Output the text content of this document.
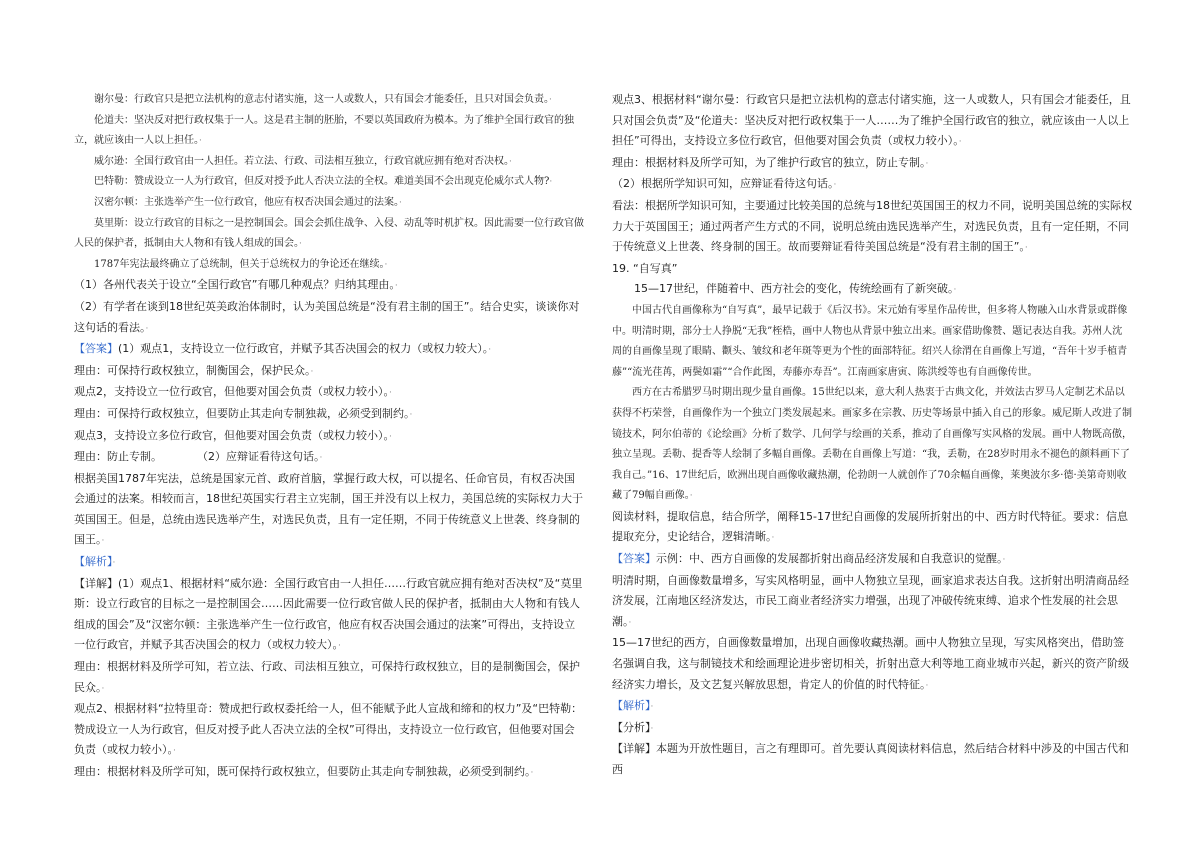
谢尔曼：行政官只是把立法机构的意志付诸实施，这一人或数人，只有国会才能委任，且只对国会负责。·

伦道夫：坚决反对把行政权集于一人。这是君主制的胚胎，不要以英国政府为模本。为了维护全国行政官的独立，就应该由一人以上担任。·

威尔逊：全国行政官由一人担任。若立法、行政、司法相互独立，行政官就应拥有绝对否决权。·

巴特勒：赞成设立一人为行政官，但反对授予此人否决立法的全权。难道美国不会出现克伦威尔式人物?·

汉密尔顿：主张选举产生一位行政官，他应有权否决国会通过的法案。·

莫里斯：设立行政官的目标之一是控制国会。国会会抓住战争、入侵、动乱等时机扩权。因此需要一位行政官做人民的保护者，抵制由大人物和有钱人组成的国会。·

1787年宪法最终确立了总统制，但关于总统权力的争论还在继续。·

（1）各州代表关于设立“全国行政官”有哪几种观点？归纳其理由。·

（2）有学者在谈到18世纪英美政治体制时，认为美国总统是“没有君主制的国王”。结合史实，谈谈你对这句话的看法。·

【答案】(1）观点1，支持设立一位行政官，并赋予其否决国会的权力（或权力较大）。·

理由：可保持行政权独立，制衡国会，保护民众。·

观点2，支持设立一位行政官，但他要对国会负责（或权力较小）。·

理由：可保持行政权独立，但要防止其走向专制独裁，必须受到制约。·

观点3，支持设立多位行政官，但他要对国会负责（或权力较小）。·

理由：防止专制。	（2）应辩证看待这句话。·

根据美国1787年宪法，总统是国家元首、政府首脑，掌握行政大权，可以提名、任命官员，有权否决国会通过的法案。相较而言，18世纪英国实行君主立宪制，国王并没有以上权力，美国总统的实际权力大于英国国王。但是，总统由选民选举产生，对选民负责，且有一定任期，不同于传统意义上世袭、终身制的国王。·

【解析】·

【详解】(1）观点1、根据材料“威尔逊：全国行政官由一人担任……行政官就应拥有绝对否决权”及“莫里斯：设立行政官的目标之一是控制国会……因此需要一位行政官做人民的保护者，抵制由大人物和有钱人组成的国会”及“汉密尔顿：主张选举产生一位行政官，他应有权否决国会通过的法案”可得出，支持设立一位行政官，并赋予其否决国会的权力（或权力较大）。·

理由：根据材料及所学可知，若立法、行政、司法相互独立，可保持行政权独立，目的是制衡国会，保护民众。·

观点2、根据材料“拉特里奇：赞成把行政权委托给一人，但不能赋予此人宣战和缔和的权力”及“巴特勒：赞成设立一人为行政官，但反对授予此人否决立法的全权”可得出，支持设立一位行政官，但他要对国会负责（或权力较小）。·

理由：根据材料及所学可知，既可保持行政权独立，但要防止其走向专制独裁，必须受到制约。·

观点3、根据材料“谢尔曼：行政官只是把立法机构的意志付诸实施，这一人或数人，只有国会才能委任，且只对国会负责”及“伦道夫：坚决反对把行政权集于一人……为了维护全国行政官的独立，就应该由一人以上担任”可得出，支持设立多位行政官，但他要对国会负责（或权力较小）。·

理由：根据材料及所学可知，为了维护行政官的独立，防止专制。·

（2）根据所学知识可知，应辩证看待这句话。·

看法：根据所学知识可知，主要通过比较美国的总统与18世纪英国国王的权力不同，说明美国总统的实际权力大于英国国王；通过两者产生方式的不同，说明总统由选民选举产生，对选民负责，且有一定任期，不同于传统意义上世袭、终身制的国王。故而要辩证看待美国总统是“没有君主制的国王”。·

19. “自写真”

15—17世纪，伴随着中、西方社会的变化，传统绘画有了新突破。·

中国古代自画像称为“自写真”，最早记载于《后汉书》。宋元始有零星作品传世，但多将人物融入山水背景或群像中。明清时期，部分士人挣脱“无我”桎梏，画中人物也从背景中独立出来。画家借助像赞、题记表达自我。苏州人沈周的自画像呈现了眼睛、颧头、皱纹和老年斑等更为个性的面部特征。绍兴人徐渭在自画像上写道，“吾年十岁手植青藤”“流光荏苒，两鬓如霜”“合作此图，寿藤亦寿吾”。江南画家唐寅、陈洪绶等也有自画像传世。

西方在古希腊罗马时期出现少量自画像。15世纪以来，意大利人热衷于古典文化，并效法古罗马人定制艺术品以获得不朽荣誉，自画像作为一个独立门类发展起来。画家多在宗教、历史等场景中插入自己的形象。威尼斯人改进了制镜技术，阿尔伯蒂的《论绘画》分析了数学、几何学与绘画的关系，推动了自画像写实风格的发展。画中人物既高傲，独立呈现。丢勒、提香等人绘制了多幅自画像。丢勒在自画像上写道：“我，丢勒，在28岁时用永不褪色的颜料画下了我自己。”16、17世纪后，欧洲出现自画像收藏热潮，伦勃朗一人就创作了70余幅自画像，莱奥波尔多·德·美第奇则收藏了79幅自画像。·

阅读材料，提取信息，结合所学，阐释15-17世纪自画像的发展所折射出的中、西方时代特征。要求：信息提取充分，史论结合，逻辑清晰。·

【答案】示例：中、西方自画像的发展都折射出商品经济发展和自我意识的觉醒。·

明清时期，自画像数量增多，写实风格明显，画中人物独立呈现，画家追求表达自我。这折射出明清商品经济发展，江南地区经济发达，市民工商业者经济实力增强，出现了冲破传统束缚、追求个性发展的社会思潮。·

15—17世纪的西方，自画像数量增加，出现自画像收藏热潮。画中人物独立呈现，写实风格突出，借助签名强调自我，这与制镜技术和绘画理论进步密切相关，折射出意大利等地工商业城市兴起，新兴的资产阶级经济实力增长，及文艺复兴解放思想，肯定人的价值的时代特征。·

【解析】·

【分析】·

【详解】本题为开放性题目，言之有理即可。首先要认真阅读材料信息，然后结合材料中涉及的中国古代和西
